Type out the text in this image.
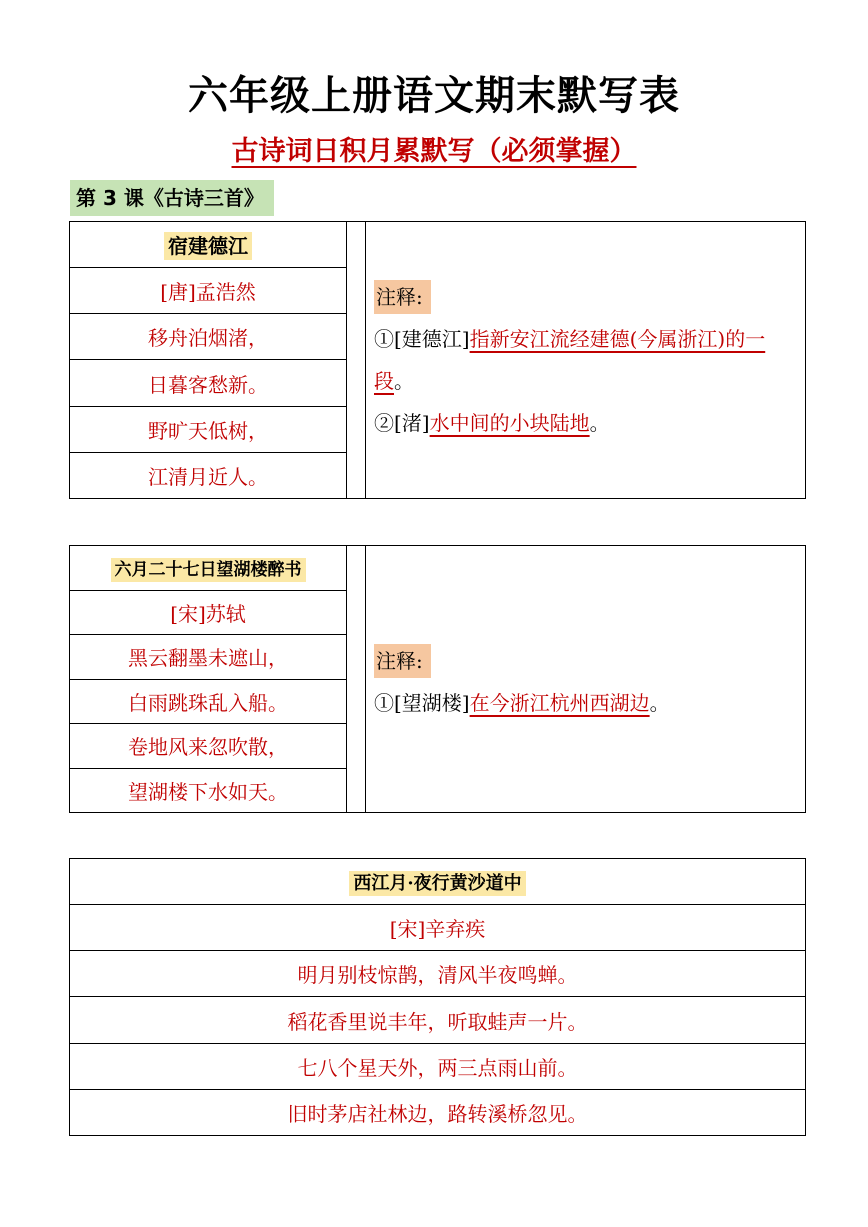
六年级上册语文期末默写表
古诗词日积月累默写（必须掌握）
第 3 课《古诗三首》
宿建德江		注释:
①[建德江]指新安江流经建德(今属浙江)的一段。
②[渚]水中间的小块陆地。

[唐]孟浩然
移舟泊烟渚，
日暮客愁新。
野旷天低树，
江清月近人。
六月二十七日望湖楼醉书		注释:
①[望湖楼]在今浙江杭州西湖边。

[宋]苏轼
黑云翻墨未遮山，
白雨跳珠乱入船。
卷地风来忽吹散，
望湖楼下水如天。
西江月·夜行黄沙道中
[宋]辛弃疾
明月别枝惊鹊，清风半夜鸣蝉。
稻花香里说丰年，听取蛙声一片。
七八个星天外，两三点雨山前。
旧时茅店社林边，路转溪桥忽见。
